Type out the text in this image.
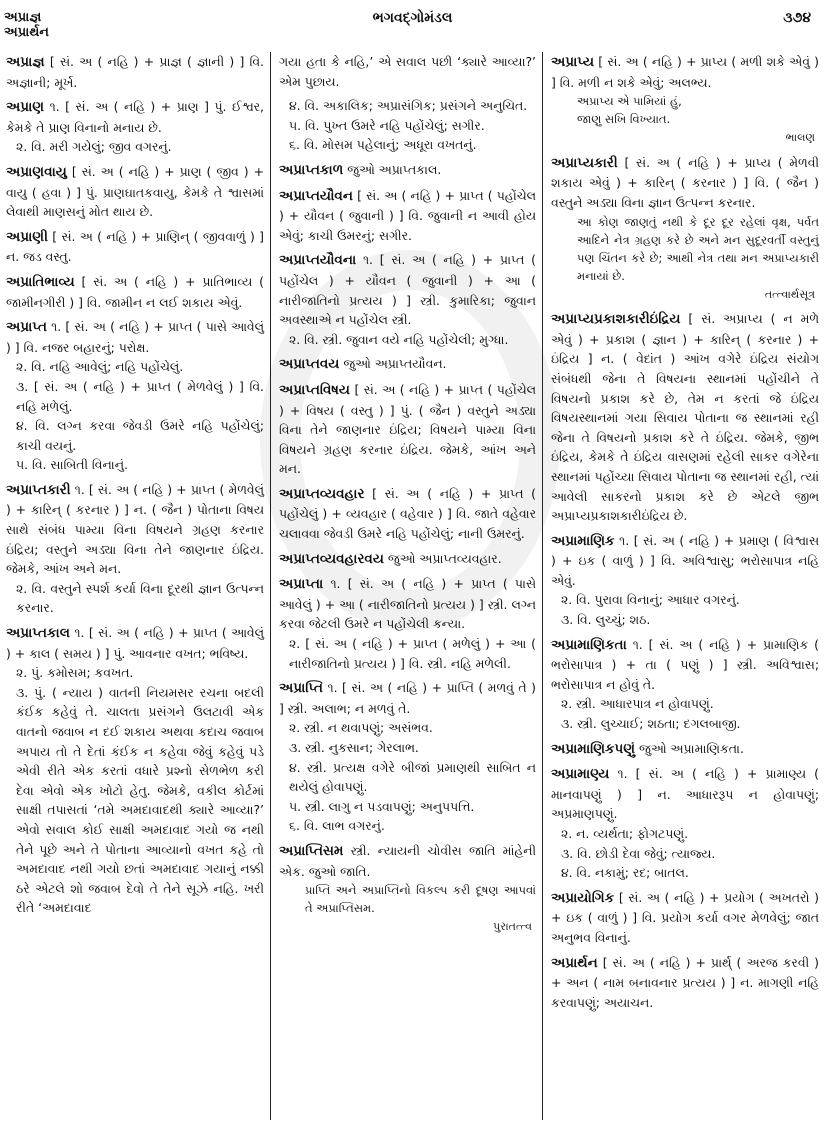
અપ્રાજ્ઞ
અપ્રાર્થન
ભગવદ્ગોમંડલ	૩૭૪
અપ્રાજ્ઞ [ સં. અ ( નહિ ) + પ્રાજ્ઞ ( જ્ઞાની ) ] વિ. અજ્ઞાની; મૂર્ખ.
અપ્રાણ ૧. [ સં. અ ( નહિ ) + પ્રાણ ] પું. ઈશ્વર, કેમકે તે પ્રાણ વિનાનો મનાય છે.
૨. વિ. મરી ગયેલું; જીવ વગરનું.
અપ્રાણવાયુ [ સં. અ ( નહિ ) + પ્રાણ ( જીવ ) + વાયુ ( હવા ) ] પું. પ્રાણઘાતકવાયુ, કેમકે તે શ્વાસમાં લેવાથી માણસનું મોત થાય છે.
અપ્રાણી [ સં. અ ( નહિ ) + પ્રાણિન્ ( જીવવાળું ) ] ન. જડ વસ્તુ.
અપ્રાતિભાવ્ય [ સં. અ ( નહિ ) + પ્રાતિભાવ્ય ( જામીનગીરી ) ] વિ. જામીન ન લઈ શકાય એવું.
અપ્રાપ્ત ૧. [ સં. અ ( નહિ ) + પ્રાપ્ત ( પાસે આવેલું ) ] વિ. નજર બહારનું; પરોક્ષ.
૨. વિ. નહિ આવેલું; નહિ પહોંચેલું.
૩. [ સં. અ ( નહિ ) + પ્રાપ્ત ( મેળવેલું ) ] વિ. નહિ મળેલું.
૪. વિ. લગ્ન કરવા જેવડી ઉમરે નહિ પહોંચેલું; કાચી વયનું.
૫. વિ. સાબિતી વિનાનું.
અપ્રાપ્તકારી ૧. [ સં. અ ( નહિ ) + પ્રાપ્ત ( મેળવેલું ) + કારિન્ ( કરનાર ) ] ન. ( જૈન ) પોતાના વિષય સાથે સંબંધ પામ્યા વિના વિષયને ગ્રહણ કરનાર ઇંદ્રિય; વસ્તુને અડ્યા વિના તેને જાણનાર ઇંદ્રિય. જેમકે, આંખ અને મન.
૨. વિ. વસ્તુને સ્પર્શ કર્યા વિના દૂરથી જ્ઞાન ઉત્પન્ન કરનાર.
અપ્રાપ્તકાલ ૧. [ સં. અ ( નહિ ) + પ્રાપ્ત ( આવેલું ) + કાલ ( સમય ) ] પું. આવનાર વખત; ભવિષ્ય.
૨. પું. કમોસમ; કવખત.
૩. પું. ( ન્યાય ) વાતની નિયમસર રચના બદલી કંઈક કહેવું તે. ચાલતા પ્રસંગને ઉલટાવી એક વાતનો જવાબ ન દઈ શકાય અથવા કદાચ જવાબ અપાય તો તે દેતાં કંઈક ન કહેવા જેવું કહેવું પડે એવી રીતે એક કરતાં વધારે પ્રશ્નો સેળભેળ કરી દેવા એવો એક ખોટો હેતુ. જેમકે, વકીલ કોર્ટમાં સાક્ષી તપાસતાં ‘તમે અમદાવાદથી ક્યારે આવ્યા?’ એવો સવાલ કોઈ સાક્ષી અમદાવાદ ગયો જ નથી તેને પૂછે અને તે પોતાના આવ્યાનો વખત કહે તો અમદાવાદ નથી ગયો છતાં અમદાવાદ ગયાનું નક્કી ઠરે એટલે શો જવાબ દેવો તે તેને સૂઝે નહિ. ખરી રીતે ‘અમદાવાદ
ગયા હતા કે નહિ,’ એ સવાલ પછી ‘ક્યારે આવ્યા?’ એમ પુછાય.
૪. વિ. અકાલિક; અપ્રાસંગિક; પ્રસંગને અનુચિત.
૫. વિ. પુખ્ત ઉમરે નહિ પહોંચેલું; સગીર.
૬. વિ. મોસમ પહેલાનું; અધૂરા વખતનું.
અપ્રાપ્તકાળ જુઓ અપ્રાપ્તકાલ.
અપ્રાપ્તયૌવન [ સં. અ ( નહિ ) + પ્રાપ્ત ( પહોંચેલ ) + યૌવન ( જુવાની ) ] વિ. જુવાની ન આવી હોય એવું; કાચી ઉમરનું; સગીર.
અપ્રાપ્તયૌવના ૧. [ સં. અ ( નહિ ) + પ્રાપ્ત ( પહોંચેલ ) + યૌવન ( જુવાની ) + આ ( નારીજાતિનો પ્રત્યય ) ] સ્ત્રી. કુમારિકા; જુવાન અવસ્થાએ ન પહોંચેલ સ્ત્રી.
૨. વિ. સ્ત્રી. જુવાન વયે નહિ પહોંચેલી; મુગ્ધા.
અપ્રાપ્તવય જુઓ અપ્રાપ્તયૌવન.
અપ્રાપ્તવિષય [ સં. અ ( નહિ ) + પ્રાપ્ત ( પહોંચેલ ) + વિષય ( વસ્તુ ) ] પું. ( જૈન ) વસ્તુને અડ્યા વિના તેને જાણનાર ઇંદ્રિય; વિષયને પામ્યા વિના વિષયને ગ્રહણ કરનાર ઇંદ્રિય. જેમકે, આંખ અને મન.
અપ્રાપ્તવ્યવહાર [ સં. અ ( નહિ ) + પ્રાપ્ત ( પહોંચેલું ) + વ્યવહાર ( વહેવાર ) ] વિ. જાતે વહેવાર ચલાવવા જેવડી ઉમરે નહિ પહોંચેલું; નાની ઉમરનું.
અપ્રાપ્તવ્યવહારવય જુઓ અપ્રાપ્તવ્યવહાર.
અપ્રાપ્તા ૧. [ સં. અ ( નહિ ) + પ્રાપ્ત ( પાસે આવેલું ) + આ ( નારીજાતિનો પ્રત્યય ) ] સ્ત્રી. લગ્ન કરવા જેટલી ઉમરે ન પહોંચેલી કન્યા.
૨. [ સં. અ ( નહિ ) + પ્રાપ્ત ( મળેલું ) + આ ( નારીજાતિનો પ્રત્યય ) ] વિ. સ્ત્રી. નહિ મળેલી.
અપ્રાપ્તિ ૧. [ સં. અ ( નહિ ) + પ્રાપ્તિ ( મળવું તે ) ] સ્ત્રી. અલાભ; ન મળવું તે.
૨. સ્ત્રી. ન થવાપણું; અસંભવ.
૩. સ્ત્રી. નુકસાન; ગેરલાભ.
૪. સ્ત્રી. પ્રત્યક્ષ વગેરે બીજાં પ્રમાણથી સાબિત ન થયેલું હોવાપણું.
૫. સ્ત્રી. લાગુ ન પડવાપણું; અનુપપત્તિ.
૬. વિ. લાભ વગરનું.
અપ્રાપ્તિસમ સ્ત્રી. ન્યાયની ચોવીસ જાતિ માંહેની એક. જુઓ જાતિ.
પ્રાપ્તિ અને અપ્રાપ્તિનો વિકલ્પ કરી દૂષણ આપવાં તે અપ્રાપ્તિસમ.
પુરાતત્ત્વ
અપ્રાપ્ય [ સં. અ ( નહિ ) + પ્રાપ્ય ( મળી શકે એવું ) ] વિ. મળી ન શકે એવું; અલભ્ય.
અપ્રાપ્ય એ પામિયાં હું,
જાણુ સખિ વિખ્યાત.
ભાલણ
અપ્રાપ્યકારી [ સં. અ ( નહિ ) + પ્રાપ્ય ( મેળવી શકાય એવું ) + કારિન્ ( કરનાર ) ] વિ. ( જૈન ) વસ્તુને અડ્યા વિના જ્ઞાન ઉત્પન્ન કરનાર.
આ કોણ જાણતું નથી કે દૂર દૂર રહેલાં વૃક્ષ, પર્વત આદિને નેત્ર ગ્રહણ કરે છે અને મન સુદૂરવર્તી વસ્તુનું પણ ચિંતન કરે છે; આથી નેત્ર તથા મન અપ્રાપ્યકારી મનાયાં છે.
તત્ત્વાર્થસૂત્ર
અપ્રાપ્યપ્રકાશકારીઇંદ્રિય [ સં. અપ્રાપ્ય ( ન મળે એવું ) + પ્રકાશ ( જ્ઞાન ) + કારિન્ ( કરનાર ) + ઇંદ્રિય ] ન. ( વેદાંત ) આંખ વગેરે ઇંદ્રિય સંયોગ સંબંધથી જેના તે વિષયના સ્થાનમાં પહોંચીને તે વિષયનો પ્રકાશ કરે છે, તેમ ન કરતાં જે ઇંદ્રિય વિષયસ્થાનમાં ગયા સિવાય પોતાના જ સ્થાનમાં રહી જેના તે વિષયનો પ્રકાશ કરે તે ઇંદ્રિય. જેમકે, જીભ ઇંદ્રિય, કેમકે તે ઇંદ્રિય વાસણમાં રહેલી સાકર વગેરેના સ્થાનમાં પહોંચ્યા સિવાય પોતાના જ સ્થાનમાં રહી, ત્યાં આવેલી સાકરનો પ્રકાશ કરે છે એટલે જીભ અપ્રાપ્યપ્રકાશકારીઇંદ્રિય છે.
અપ્રામાણિક ૧. [ સં. અ ( નહિ ) + પ્રમાણ ( વિશ્વાસ ) + ઇક ( વાળું ) ] વિ. અવિશ્વાસુ; ભરોસાપાત્ર નહિ એવું.
૨. વિ. પુરાવા વિનાનું; આધાર વગરનું.
૩. વિ. લુચ્ચું; શઠ.
અપ્રામાણિકતા ૧. [ સં. અ ( નહિ ) + પ્રામાણિક ( ભરોસાપાત્ર ) + તા ( પણું ) ] સ્ત્રી. અવિશ્વાસ; ભરોસાપાત્ર ન હોવું તે.
૨. સ્ત્રી. આધારપાત્ર ન હોવાપણું.
૩. સ્ત્રી. લુચ્ચાઈ; શઠતા; દગલબાજી.
અપ્રામાણિકપણું જુઓ અપ્રામાણિકતા.
અપ્રામાણ્ય ૧. [ સં. અ ( નહિ ) + પ્રામાણ્ય ( માનવાપણું ) ] ન. આધારરૂપ ન હોવાપણું; અપ્રમાણપણું.
૨. ન. વ્યર્થતા; ફોગટપણું.
૩. વિ. છોડી દેવા જેવું; ત્યાજ્ય.
૪. વિ. નકામું; રદ; બાતલ.
અપ્રાયોગિક [ સં. અ ( નહિ ) + પ્રયોગ ( અખતરો ) + ઇક ( વાળું ) ] વિ. પ્રયોગ કર્યા વગર મેળવેલું; જાત અનુભવ વિનાનું.
અપ્રાર્થન [ સં. અ ( નહિ ) + પ્રાર્થ્ ( અરજ કરવી ) + અન ( નામ બનાવનાર પ્રત્યય ) ] ન. માગણી નહિ કરવાપણું; અયાચન.
